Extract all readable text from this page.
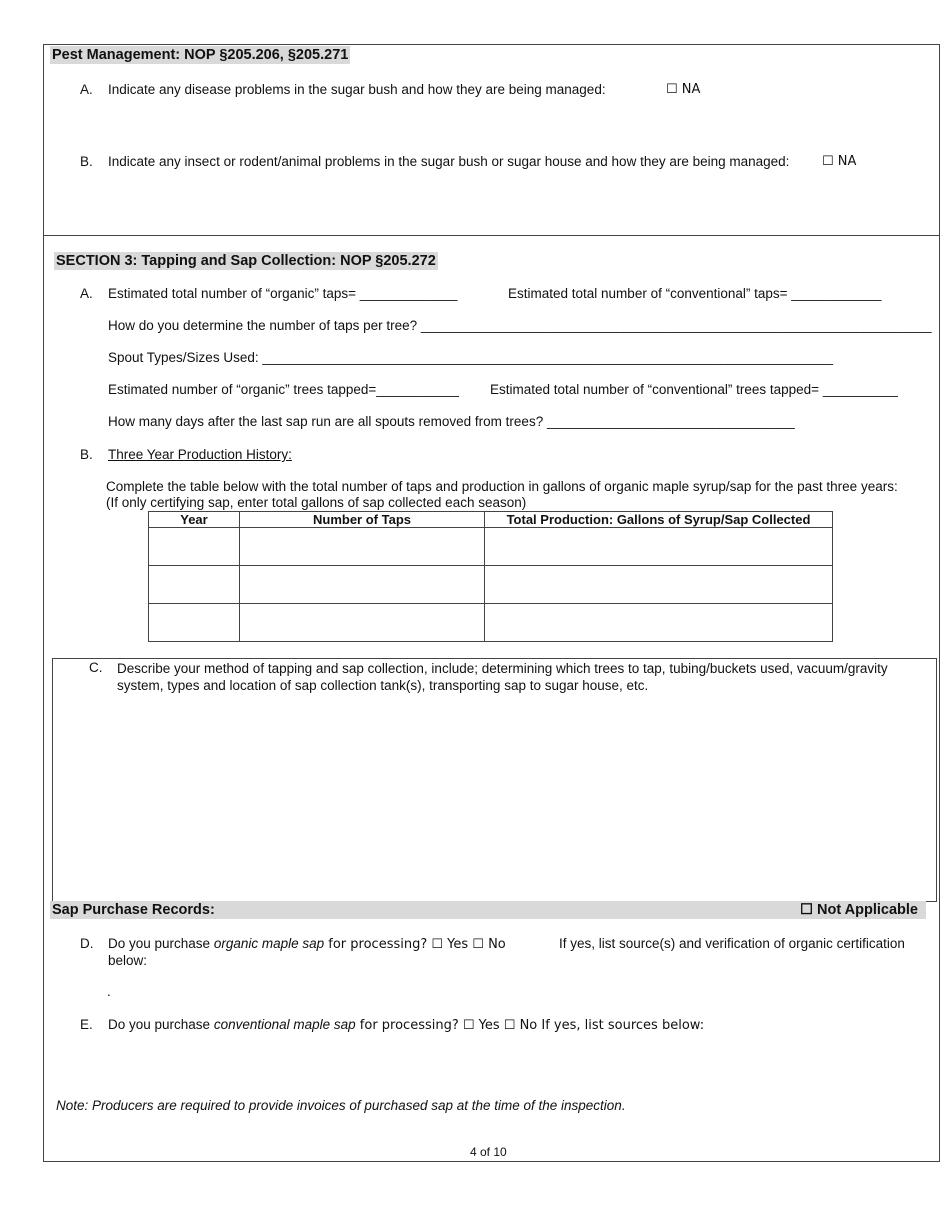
Pest Management: NOP §205.206, §205.271
A.	Indicate any disease problems in the sugar bush and how they are being managed:	☐ NA
B.	Indicate any insect or rodent/animal problems in the sugar bush or sugar house and how they are being managed:	☐ NA
SECTION 3: Tapping and Sap Collection: NOP §205.272
A.	Estimated total number of “organic” taps= _____________	Estimated total number of “conventional” taps= ____________
How do you determine the number of taps per tree? ____________________________________________________________________
Spout Types/Sizes Used: ____________________________________________________________________________
Estimated number of “organic” trees tapped=___________ Estimated total number of “conventional” trees tapped= __________
How many days after the last sap run are all spouts removed from trees? _________________________________
B.	Three Year Production History:
Complete the table below with the total number of taps and production in gallons of organic maple syrup/sap for the past three years:
(If only certifying sap, enter total gallons of sap collected each season)
Year	Number of Taps	Total Production: Gallons of Syrup/Sap Collected

C.	Describe your method of tapping and sap collection, include; determining which trees to tap, tubing/buckets used, vacuum/gravity system, types and location of sap collection tank(s), transporting sap to sugar house, etc.
Sap Purchase Records:	☐ Not Applicable
D.	Do you purchase organic maple sap for processing? ☐ Yes ☐ No	If yes, list source(s) and verification of organic certification
below:
.
E.	Do you purchase conventional maple sap for processing? ☐ Yes ☐ No If yes, list sources below:
Note: Producers are required to provide invoices of purchased sap at the time of the inspection.
4 of 10
